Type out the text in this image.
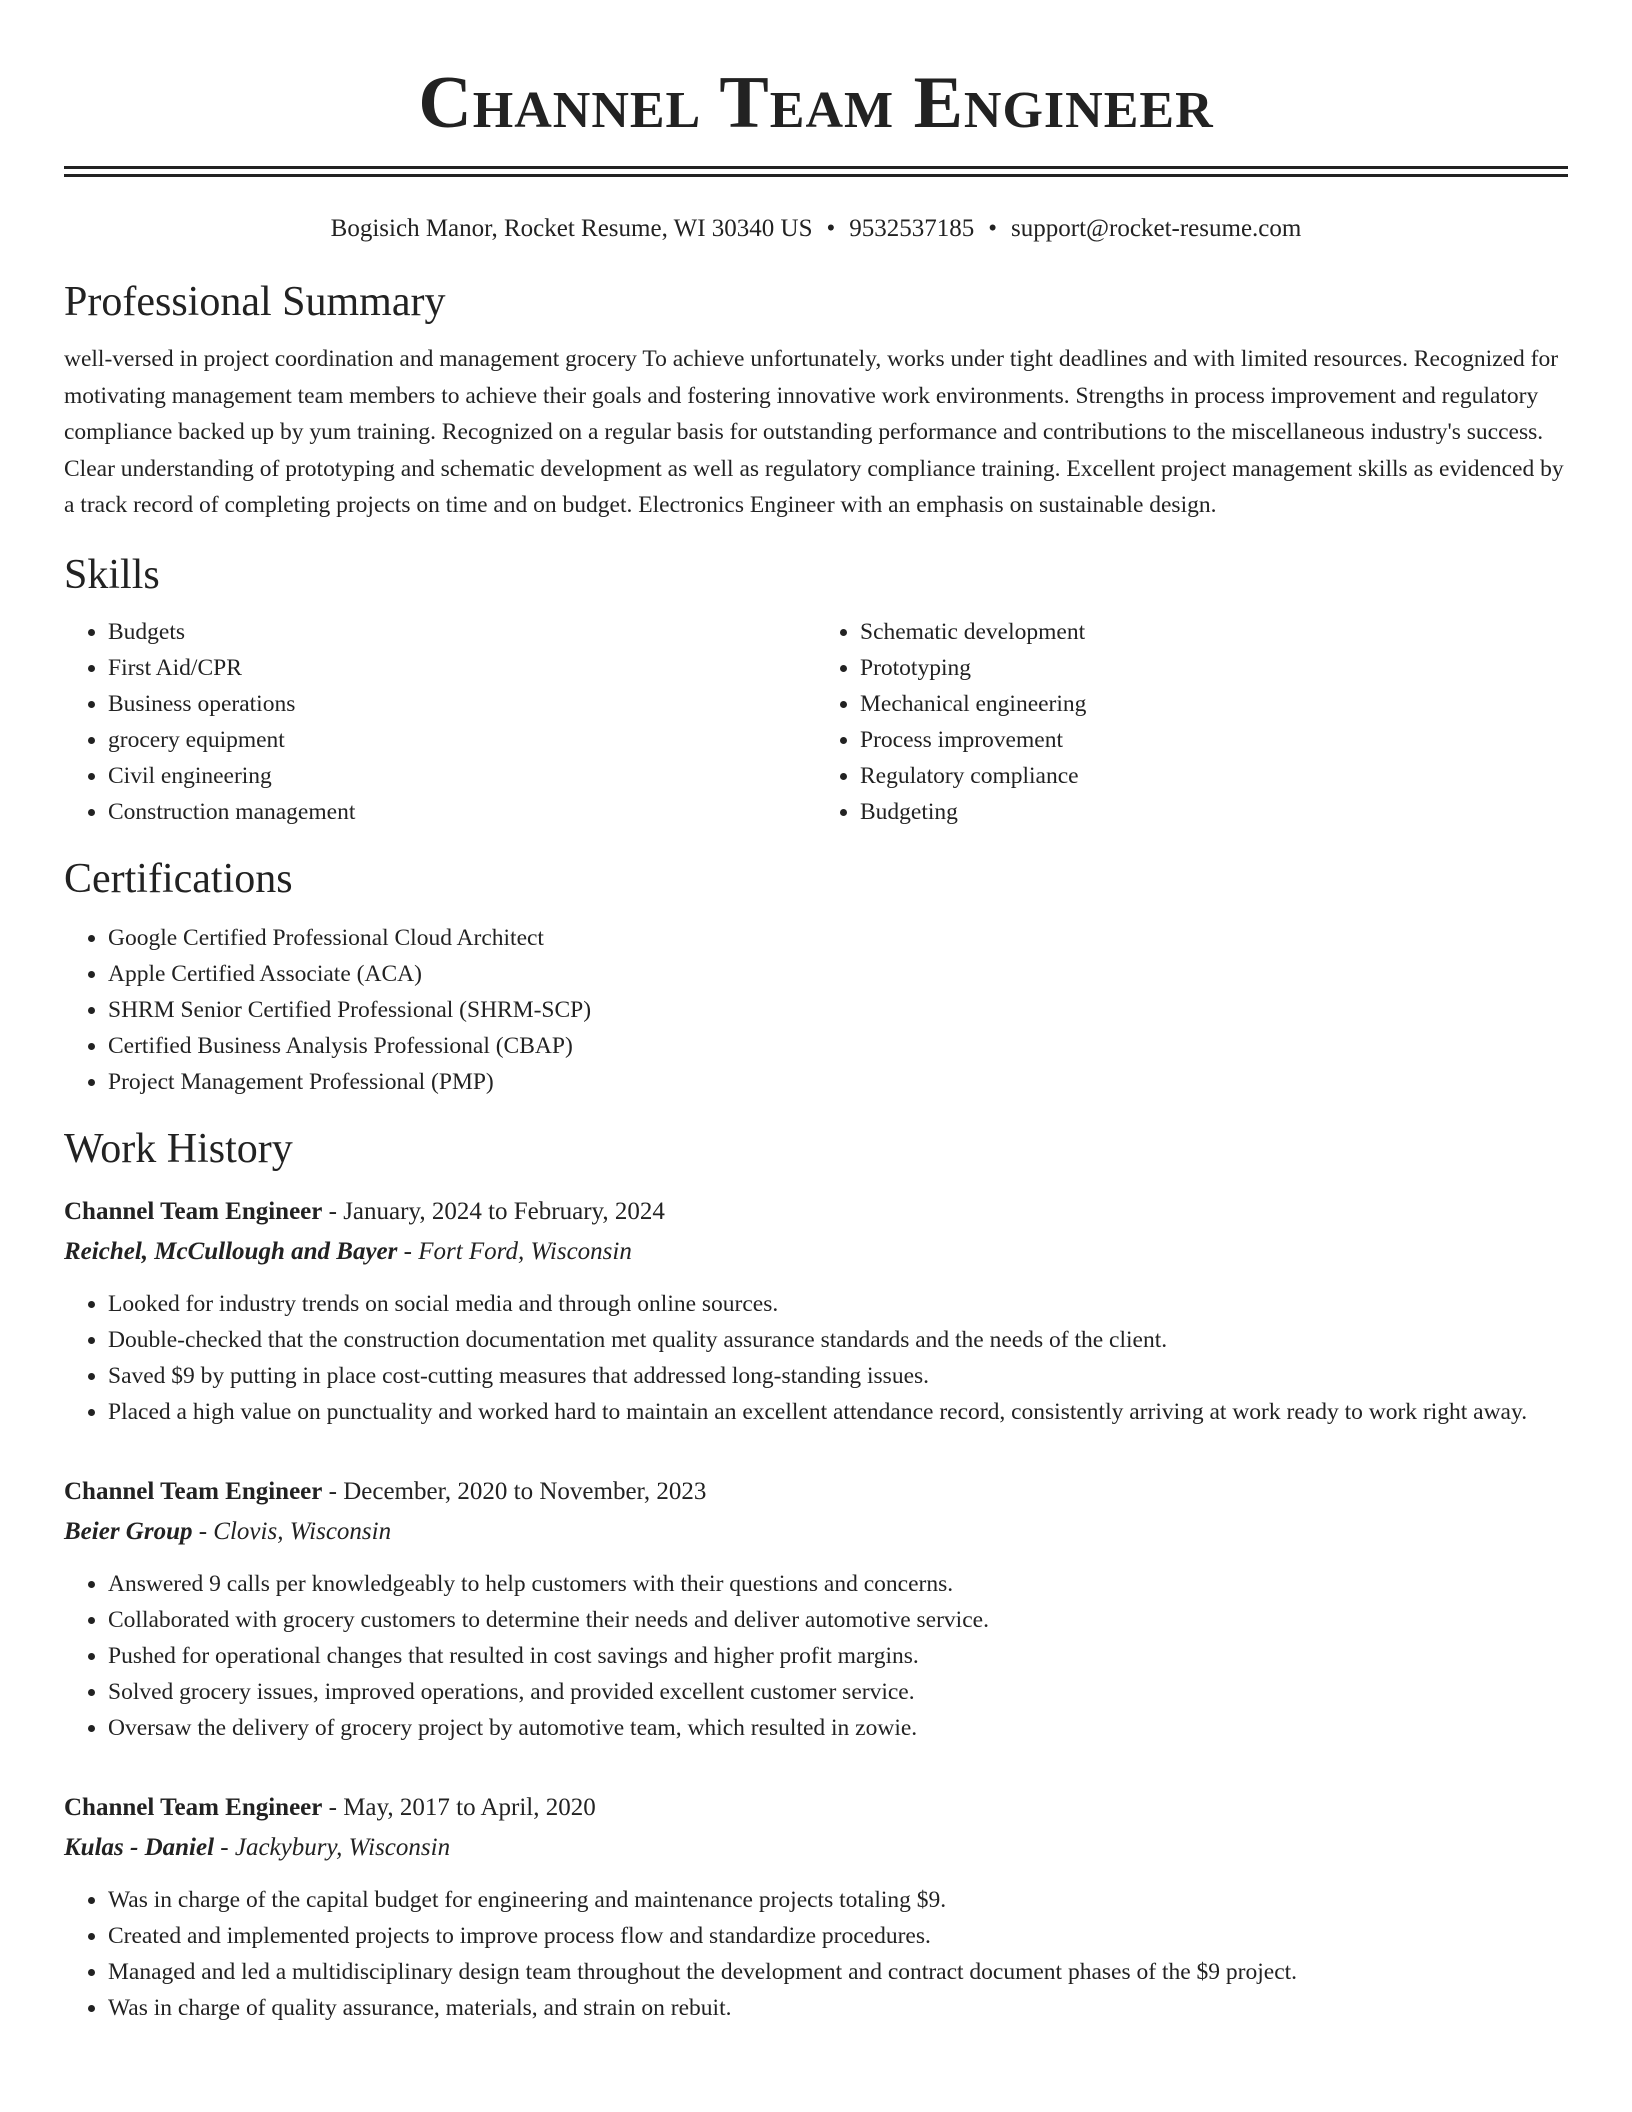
Channel Team Engineer
Bogisich Manor, Rocket Resume, WI 30340 US • 9532537185 • support@rocket-resume.com
Professional Summary

well-versed in project coordination and management grocery To achieve unfortunately, works under tight deadlines and with limited resources. Recognized for motivating management team members to achieve their goals and fostering innovative work environments. Strengths in process improvement and regulatory compliance backed up by yum training. Recognized on a regular basis for outstanding performance and contributions to the miscellaneous industry's success. Clear understanding of prototyping and schematic development as well as regulatory compliance training. Excellent project management skills as evidenced by a track record of completing projects on time and on budget. Electronics Engineer with an emphasis on sustainable design.

Skills
• Budgets
• First Aid/CPR
• Business operations
• grocery equipment
• Civil engineering
• Construction management
• Schematic development
• Prototyping
• Mechanical engineering
• Process improvement
• Regulatory compliance
• Budgeting
Certifications
• Google Certified Professional Cloud Architect
• Apple Certified Associate (ACA)
• SHRM Senior Certified Professional (SHRM-SCP)
• Certified Business Analysis Professional (CBAP)
• Project Management Professional (PMP)
Work History
Channel Team Engineer - January, 2024 to February, 2024
Reichel, McCullough and Bayer - Fort Ford, Wisconsin
• Looked for industry trends on social media and through online sources.
• Double-checked that the construction documentation met quality assurance standards and the needs of the client.
• Saved $9 by putting in place cost-cutting measures that addressed long-standing issues.
• Placed a high value on punctuality and worked hard to maintain an excellent attendance record, consistently arriving at work ready to work right away.
Channel Team Engineer - December, 2020 to November, 2023
Beier Group - Clovis, Wisconsin
• Answered 9 calls per knowledgeably to help customers with their questions and concerns.
• Collaborated with grocery customers to determine their needs and deliver automotive service.
• Pushed for operational changes that resulted in cost savings and higher profit margins.
• Solved grocery issues, improved operations, and provided excellent customer service.
• Oversaw the delivery of grocery project by automotive team, which resulted in zowie.
Channel Team Engineer - May, 2017 to April, 2020
Kulas - Daniel - Jackybury, Wisconsin
• Was in charge of the capital budget for engineering and maintenance projects totaling $9.
• Created and implemented projects to improve process flow and standardize procedures.
• Managed and led a multidisciplinary design team throughout the development and contract document phases of the $9 project.
• Was in charge of quality assurance, materials, and strain on rebuit.
